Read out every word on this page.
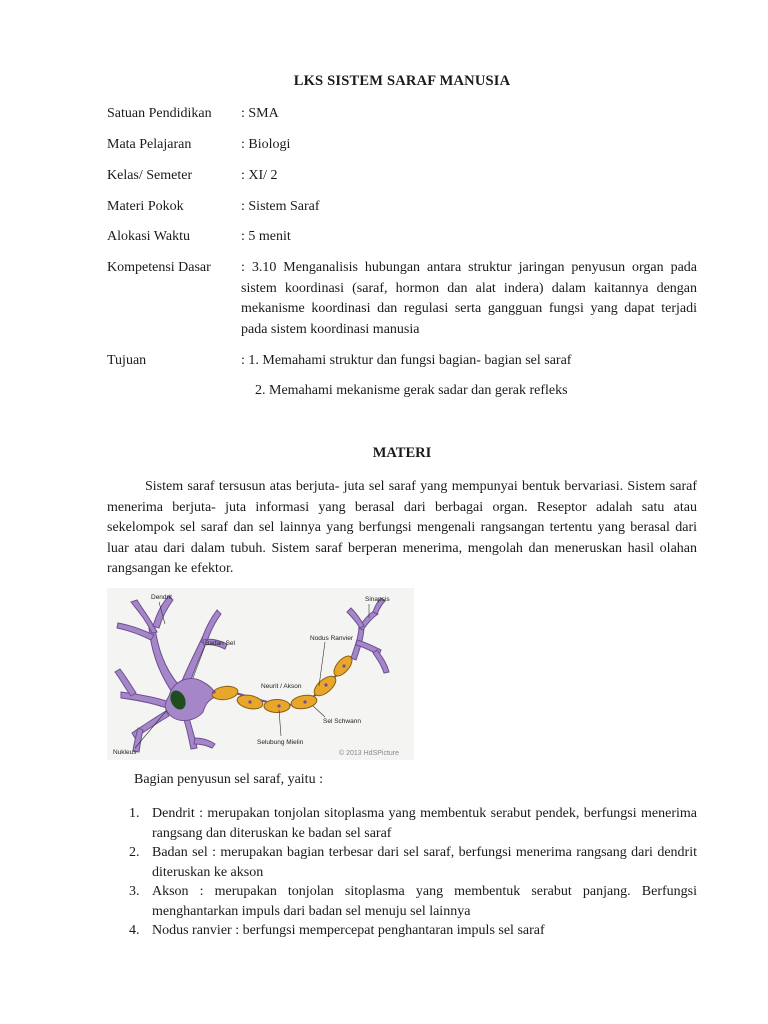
LKS SISTEM SARAF MANUSIA
Satuan Pendidikan : SMA
Mata Pelajaran	: Biologi
Kelas/ Semeter	: XI/ 2
Materi Pokok	: Sistem Saraf
Alokasi Waktu	: 5 menit
Kompetensi Dasar : 3.10 Menganalisis hubungan antara struktur jaringan penyusun organ pada sistem koordinasi (saraf, hormon dan alat indera) dalam kaitannya dengan mekanisme koordinasi dan regulasi serta gangguan fungsi yang dapat terjadi pada sistem koordinasi manusia
Tujuan	: 1. Memahami struktur dan fungsi bagian- bagian sel saraf
2. Memahami mekanisme gerak sadar dan gerak refleks
MATERI
Sistem saraf tersusun atas berjuta- juta sel saraf yang mempunyai bentuk bervariasi. Sistem saraf menerima berjuta- juta informasi yang berasal dari berbagai organ. Reseptor adalah satu atau sekelompok sel saraf dan sel lainnya yang berfungsi mengenali rangsangan tertentu yang berasal dari luar atau dari dalam tubuh. Sistem saraf berperan menerima, mengolah dan meneruskan hasil olahan rangsangan ke efektor.
Dendrit
Badan Sel
Nodus Ranvier
Sinapsis
Neurit / Akson
Sel Schwann
Selubung Mielin
Nukleus	© 2013 HdSPicture
Bagian penyusun sel saraf, yaitu :
1. Dendrit : merupakan tonjolan sitoplasma yang membentuk serabut pendek, berfungsi menerima rangsang dan diteruskan ke badan sel saraf
2. Badan sel : merupakan bagian terbesar dari sel saraf, berfungsi menerima rangsang dari dendrit diteruskan ke akson
3. Akson : merupakan tonjolan sitoplasma yang membentuk serabut panjang. Berfungsi menghantarkan impuls dari badan sel menuju sel lainnya
4. Nodus ranvier : berfungsi mempercepat penghantaran impuls sel saraf
